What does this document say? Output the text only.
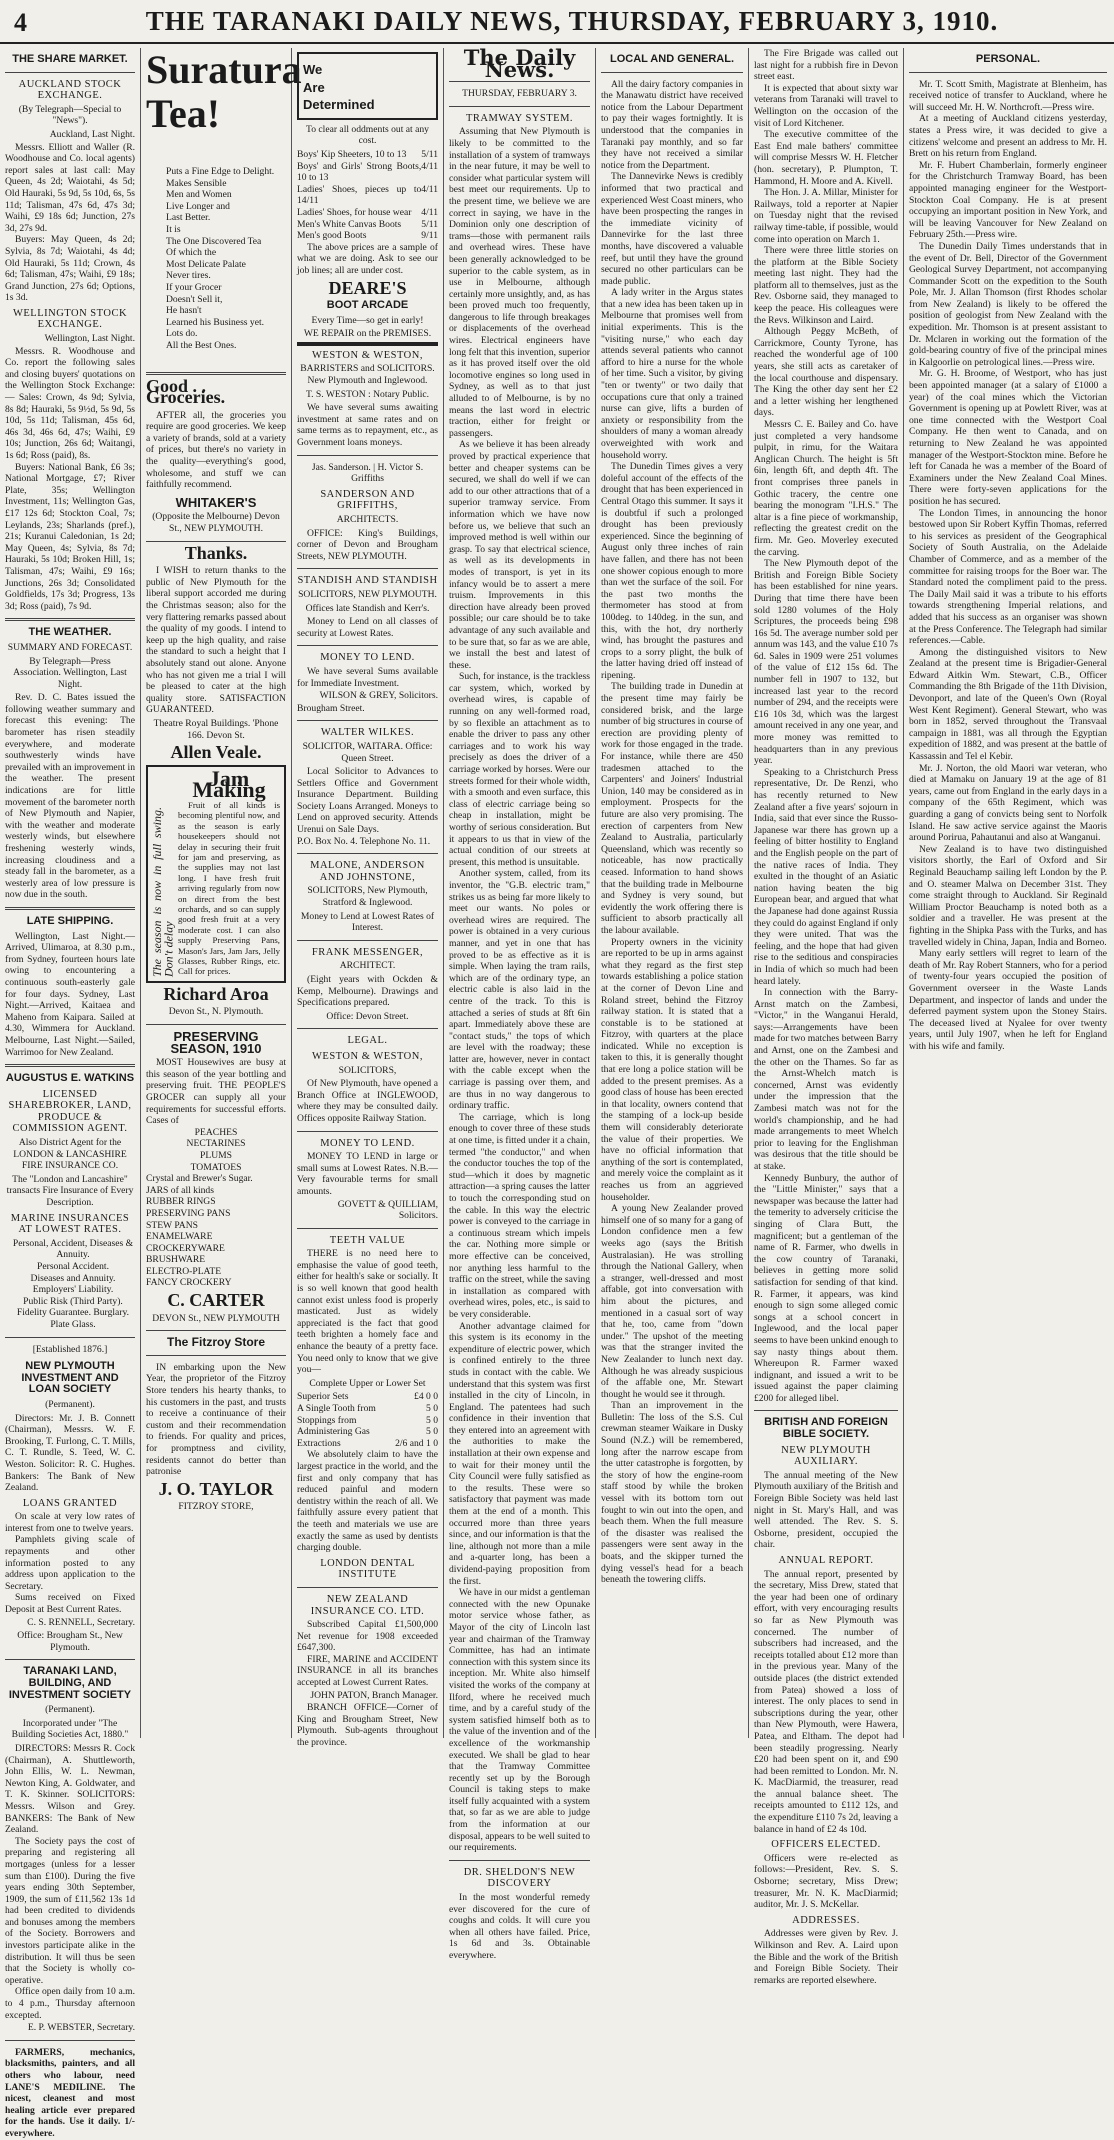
4	THE TARANAKI DAILY NEWS, THURSDAY, FEBRUARY 3, 1910.
THE SHARE MARKET.
AUCKLAND STOCK EXCHANGE.
(By Telegraph—Special to "News").
Auckland, Last Night.

Messrs. Elliott and Waller (R. Woodhouse and Co. local agents) report sales at last call: May Queen, 4s 2d; Waiotahi, 4s 5d; Old Hauraki, 5s 9d, 5s 10d, 6s, 5s 11d; Talisman, 47s 6d, 47s 3d; Waihi, £9 18s 6d; Junction, 27s 3d, 27s 9d.

Buyers: May Queen, 4s 2d; Sylvia, 8s 7d; Waiotahi, 4s 4d; Old Hauraki, 5s 11d; Crown, 4s 6d; Talisman, 47s; Waihi, £9 18s; Grand Junction, 27s 6d; Options, 1s 3d.

WELLINGTON STOCK EXCHANGE.
Wellington, Last Night.

Messrs. R. Woodhouse and Co. report the following sales and closing buyers' quotations on the Wellington Stock Exchange:— Sales: Crown, 4s 9d; Sylvia, 8s 8d; Hauraki, 5s 9½d, 5s 9d, 5s 10d, 5s 11d; Talisman, 45s 6d, 46s 3d, 46s 6d, 47s; Waihi, £9 10s; Junction, 26s 6d; Waitangi, 1s 6d; Ross (paid), 8s.

Buyers: National Bank, £6 3s; National Mortgage, £7; River Plate, 35s; Wellington Investment, 11s; Wellington Gas, £17 12s 6d; Stockton Coal, 7s; Leylands, 23s; Sharlands (pref.), 21s; Kuranui Caledonian, 1s 2d; May Queen, 4s; Sylvia, 8s 7d; Hauraki, 5s 10d; Broken Hill, 1s; Talisman, 47s; Waihi, £9 16s; Junctions, 26s 3d; Consolidated Goldfields, 17s 3d; Progress, 13s 3d; Ross (paid), 7s 9d.

THE WEATHER.
SUMMARY AND FORECAST.
By Telegraph—Press Association. Wellington, Last Night.

Rev. D. C. Bates issued the following weather summary and forecast this evening: The barometer has risen steadily everywhere, and moderate southwesterly winds have prevailed with an improvement in the weather. The present indications are for little movement of the barometer north of New Plymouth and Napier, with the weather and moderate westerly winds, but elsewhere freshening westerly winds, increasing cloudiness and a steady fall in the barometer, as a westerly area of low pressure is now due in the south.

LATE SHIPPING.

Wellington, Last Night.—Arrived, Ulimaroa, at 8.30 p.m., from Sydney, fourteen hours late owing to encountering a continuous south-easterly gale for four days. Sydney, Last Night.—Arrived, Kaitaea and Maheno from Kaipara. Sailed at 4.30, Wimmera for Auckland. Melbourne, Last Night.—Sailed, Warrimoo for New Zealand.

AUGUSTUS E. WATKINS
LICENSED SHAREBROKER, LAND, PRODUCE & COMMISSION AGENT.
Also District Agent for the LONDON & LANCASHIRE FIRE INSURANCE CO.
The "London and Lancashire" transacts Fire Insurance of Every Description.
MARINE INSURANCES AT LOWEST RATES.
Personal, Accident, Diseases & Annuity.
Personal Accident.
Diseases and Annuity.
Employers' Liability.
Public Risk (Third Party).
Fidelity Guarantee. Burglary.
Plate Glass.
[Established 1876.]
NEW PLYMOUTH INVESTMENT AND LOAN SOCIETY
(Permanent).

Directors: Mr. J. B. Connett (Chairman), Messrs. W. F. Brooking, T. Furlong, C. T. Mills, C. T. Rundle, S. Teed, W. C. Weston. Solicitor: R. C. Hughes. Bankers: The Bank of New Zealand.

LOANS GRANTED

On scale at very low rates of interest from one to twelve years.

Pamphlets giving scale of repayments and other information posted to any address upon application to the Secretary.

Sums received on Fixed Deposit at Best Current Rates.

C. S. RENNELL, Secretary.
Office: Brougham St., New Plymouth.
TARANAKI LAND, BUILDING, AND INVESTMENT SOCIETY
(Permanent).
Incorporated under "The Building Societies Act, 1880."

DIRECTORS: Messrs R. Cock (Chairman), A. Shuttleworth, John Ellis, W. L. Newman, Newton King, A. Goldwater, and T. K. Skinner. SOLICITORS: Messrs. Wilson and Grey. BANKERS: The Bank of New Zealand.

The Society pays the cost of preparing and registering all mortgages (unless for a lesser sum than £100). During the five years ending 30th September, 1909, the sum of £11,562 13s 1d had been credited to dividends and bonuses among the members of the Society. Borrowers and investors participate alike in the distribution. It will thus be seen that the Society is wholly co-operative.

Office open daily from 10 a.m. to 4 p.m., Thursday afternoon excepted.

E. P. WEBSTER, Secretary.

FARMERS, mechanics, blacksmiths, painters, and all others who labour, need LANE'S MEDILINE. The nicest, cleanest and most healing article ever prepared for the hands. Use it daily. 1/- everywhere.

Suratura
Tea!
Puts a Fine Edge to Delight.
Makes Sensible
Men and Women
Live Longer and
Last Better.
It is
The One Discovered Tea
Of which the
Most Delicate Palate
Never tires.
If your Grocer
Doesn't Sell it,
He hasn't
Learned his Business yet.
Lots do.
All the Best Ones.
Good . . Groceries.

AFTER all, the groceries you require are good groceries. We keep a variety of brands, sold at a variety of prices, but there's no variety in the quality—everything's good, wholesome, and stuff we can faithfully recommend.

WHITAKER'S
(Opposite the Melbourne) Devon St., NEW PLYMOUTH.
Thanks.

I WISH to return thanks to the public of New Plymouth for the liberal support accorded me during the Christmas season; also for the very flattering remarks passed about the quality of my goods. I intend to keep up the high quality, and raise the standard to such a height that I absolutely stand out alone. Anyone who has not given me a trial I will be pleased to cater at the high quality store. SATISFACTION GUARANTEED.

Theatre Royal Buildings. 'Phone 166. Devon St.
Allen Veale.
Jam Making
The season is now in full swing. Don't delay

Fruit of all kinds is becoming plentiful now, and as the season is early housekeepers should not delay in securing their fruit for jam and preserving, as the supplies may not last long. I have fresh fruit arriving regularly from now on direct from the best orchards, and so can supply good fresh fruit at a very moderate cost. I can also supply Preserving Pans, Mason's Jars, Jam Jars, Jelly Glasses, Rubber Rings, etc. Call for prices.

Richard Aroa
Devon St., N. Plymouth.
PRESERVING SEASON, 1910

MOST Housewives are busy at this season of the year bottling and preserving fruit. THE PEOPLE'S GROCER can supply all your requirements for successful efforts. Cases of

PEACHES
NECTARINES
PLUMS
TOMATOES
Crystal and Brewer's Sugar.
JARS of all kinds
RUBBER RINGS
PRESERVING PANS
STEW PANS
ENAMELWARE
CROCKERYWARE
BRUSHWARE
ELECTRO-PLATE
FANCY CROCKERY
C. CARTER
DEVON St., NEW PLYMOUTH
The Fitzroy Store

IN embarking upon the New Year, the proprietor of the Fitzroy Store tenders his hearty thanks, to his customers in the past, and trusts to receive a continuance of their custom and their recommendation to friends. For quality and prices, for promptness and civility, residents cannot do better than patronise

J. O. TAYLOR
FITZROY STORE,
We
Are
Determined
To clear all oddments out at any cost.
Boys' Kip Sheeters, 10 to 13 5/11
Boys' and Girls' Strong Boots, 10 to 13
4/11
Ladies' Shoes, pieces up to 14/11
4/11
Ladies' Shoes, for house wear 4/11
Men's White Canvas Boots 5/11
Men's good Boots	9/11

The above prices are a sample of what we are doing. Ask to see our job lines; all are under cost.

DEARE'S
BOOT ARCADE
Every Time—so get in early!
WE REPAIR on the PREMISES.
WESTON & WESTON,
BARRISTERS and SOLICITORS. New Plymouth and Inglewood.
T. S. WESTON : Notary Public.

We have several sums awaiting investment at same rates and on same terms as to repayment, etc., as Government loans moneys.

Jas. Sanderson. | H. Victor S. Griffiths
SANDERSON AND GRIFFITHS,
ARCHITECTS.

OFFICE: King's Buildings, corner of Devon and Brougham Streets, NEW PLYMOUTH.

STANDISH AND STANDISH
SOLICITORS, NEW PLYMOUTH.
Offices late Standish and Kerr's.

Money to Lend on all classes of security at Lowest Rates.

MONEY TO LEND.

We have several Sums available for Immediate Investment.

WILSON & GREY, Solicitors.
Brougham Street.
WALTER WILKES.
SOLICITOR, WAITARA. Office: Queen Street.

Local Solicitor to Advances to Settlers Office and Government Insurance Department. Building Society Loans Arranged. Moneys to Lend on approved security. Attends Urenui on Sale Days.

P.O. Box No. 4. Telephone No. 11.
MALONE, ANDERSON AND JOHNSTONE,
SOLICITORS, New Plymouth, Stratford & Inglewood.
Money to Lend at Lowest Rates of Interest.
FRANK MESSENGER,
ARCHITECT.

(Eight years with Ockden & Kemp, Melbourne). Drawings and Specifications prepared.

Office: Devon Street.
LEGAL.
WESTON & WESTON,
SOLICITORS,

Of New Plymouth, have opened a Branch Office at INGLEWOOD, where they may be consulted daily. Offices opposite Railway Station.

MONEY TO LEND.

MONEY TO LEND in large or small sums at Lowest Rates. N.B.—Very favourable terms for small amounts.

GOVETT & QUILLIAM, Solicitors.
TEETH VALUE

THERE is no need here to emphasise the value of good teeth, either for health's sake or socially. It is so well known that good health cannot exist unless food is properly masticated. Just as widely appreciated is the fact that good teeth brighten a homely face and enhance the beauty of a pretty face. You need only to know that we give you—

Complete Upper or Lower Set
Superior Sets	£4 0 0
A Single Tooth from	5 0
Stoppings from	5 0
Administering Gas	5 0
Extractions	2/6 and 1 0

We absolutely claim to have the largest practice in the world, and the first and only company that has reduced painful and modern dentistry within the reach of all. We faithfully assure every patient that the teeth and materials we use are exactly the same as used by dentists charging double.

LONDON DENTAL INSTITUTE
NEW ZEALAND INSURANCE CO. LTD.

Subscribed Capital £1,500,000 Net revenue for 1908 exceeded £647,300.

FIRE, MARINE and ACCIDENT INSURANCE in all its branches accepted at Lowest Current Rates.

JOHN PATON, Branch Manager.

BRANCH OFFICE—Corner of King and Brougham Street, New Plymouth. Sub-agents throughout the province.

The Daily News.
THURSDAY, FEBRUARY 3.
TRAMWAY SYSTEM.

Assuming that New Plymouth is likely to be committed to the installation of a system of tramways in the near future, it may be well to consider what particular system will best meet our requirements. Up to the present time, we believe we are correct in saying, we have in the Dominion only one description of trams—those with permanent rails and overhead wires. These have been generally acknowledged to be superior to the cable system, as in use in Melbourne, although certainly more unsightly, and, as has been proved much too frequently, dangerous to life through breakages or displacements of the overhead wires. Electrical engineers have long felt that this invention, superior as it has proved itself over the old locomotive engines so long used in Sydney, as well as to that just alluded to of Melbourne, is by no means the last word in electric traction, either for freight or passengers.

As we believe it has been already proved by practical experience that better and cheaper systems can be secured, we shall do well if we can add to our other attractions that of a superior tramway service. From information which we have now before us, we believe that such an improved method is well within our grasp. To say that electrical science, as well as its developments in modes of transport, is yet in its infancy would be to assert a mere truism. Improvements in this direction have already been proved possible; our care should be to take advantage of any such available and to be sure that, so far as we are able, we install the best and latest of these.

Such, for instance, is the trackless car system, which, worked by overhead wires, is capable of running on any well-formed road, by so flexible an attachment as to enable the driver to pass any other carriages and to work his way precisely as does the driver of a carriage worked by horses. Were our streets formed for their whole width, with a smooth and even surface, this class of electric carriage being so cheap in installation, might be worthy of serious consideration. But it appears to us that in view of the actual condition of our streets at present, this method is unsuitable.

Another system, called, from its inventor, the "G.B. electric tram," strikes us as being far more likely to meet our wants. No poles or overhead wires are required. The power is obtained in a very curious manner, and yet in one that has proved to be as effective as it is simple. When laying the tram rails, which are of the ordinary type, an electric cable is also laid in the centre of the track. To this is attached a series of studs at 8ft 6in apart. Immediately above these are "contact studs," the tops of which are level with the roadway; these latter are, however, never in contact with the cable except when the carriage is passing over them, and are thus in no way dangerous to ordinary traffic.

The carriage, which is long enough to cover three of these studs at one time, is fitted under it a chain, termed "the conductor," and when the conductor touches the top of the stud—which it does by magnetic attraction—a spring causes the latter to touch the corresponding stud on the cable. In this way the electric power is conveyed to the carriage in a continuous stream which impels the car. Nothing more simple or more effective can be conceived, nor anything less harmful to the traffic on the street, while the saving in installation as compared with overhead wires, poles, etc., is said to be very considerable.

Another advantage claimed for this system is its economy in the expenditure of electric power, which is confined entirely to the three studs in contact with the cable. We understand that this system was first installed in the city of Lincoln, in England. The patentees had such confidence in their invention that they entered into an agreement with the authorities to make the installation at their own expense and to wait for their money until the City Council were fully satisfied as to the results. These were so satisfactory that payment was made them at the end of a month. This occurred more than three years since, and our information is that the line, although not more than a mile and a-quarter long, has been a dividend-paying proposition from the first.

We have in our midst a gentleman connected with the new Opunake motor service whose father, as Mayor of the city of Lincoln last year and chairman of the Tramway Committee, has had an intimate connection with this system since its inception. Mr. White also himself visited the works of the company at Ilford, where he received much time, and by a careful study of the system satisfied himself both as to the value of the invention and of the excellence of the workmanship executed. We shall be glad to hear that the Tramway Committee recently set up by the Borough Council is taking steps to make itself fully acquainted with a system that, so far as we are able to judge from the information at our disposal, appears to be well suited to our requirements.

DR. SHELDON'S NEW DISCOVERY

In the most wonderful remedy ever discovered for the cure of coughs and colds. It will cure you when all others have failed. Price, 1s 6d and 3s. Obtainable everywhere.

LOCAL AND GENERAL.

All the dairy factory companies in the Manawatu district have received notice from the Labour Department to pay their wages fortnightly. It is understood that the companies in Taranaki pay monthly, and so far they have not received a similar notice from the Department.

The Dannevirke News is credibly informed that two practical and experienced West Coast miners, who have been prospecting the ranges in the immediate vicinity of Dannevirke for the last three months, have discovered a valuable reef, but until they have the ground secured no other particulars can be made public.

A lady writer in the Argus states that a new idea has been taken up in Melbourne that promises well from initial experiments. This is the "visiting nurse," who each day attends several patients who cannot afford to hire a nurse for the whole of her time. Such a visitor, by giving "ten or twenty" or two daily that occupations cure that only a trained nurse can give, lifts a burden of anxiety or responsibility from the shoulders of many a woman already overweighted with work and household worry.

The Dunedin Times gives a very doleful account of the effects of the drought that has been experienced in Central Otago this summer. It says it is doubtful if such a prolonged drought has been previously experienced. Since the beginning of August only three inches of rain have fallen, and there has not been one shower copious enough to more than wet the surface of the soil. For the past two months the thermometer has stood at from 100deg. to 140deg. in the sun, and this, with the hot, dry northerly wind, has brought the pastures and crops to a sorry plight, the bulk of the latter having dried off instead of ripening.

The building trade in Dunedin at the present time may fairly be considered brisk, and the large number of big structures in course of erection are providing plenty of work for those engaged in the trade. For instance, while there are 450 tradesmen attached to the Carpenters' and Joiners' Industrial Union, 140 may be considered as in employment. Prospects for the future are also very promising. The erection of carpenters from New Zealand to Australia, particularly Queensland, which was recently so noticeable, has now practically ceased. Information to hand shows that the building trade in Melbourne and Sydney is very sound, but evidently the work offering there is sufficient to absorb practically all the labour available.

Property owners in the vicinity are reported to be up in arms against what they regard as the first step towards establishing a police station at the corner of Devon Line and Roland street, behind the Fitzroy railway station. It is stated that a constable is to be stationed at Fitzroy, with quarters at the place indicated. While no exception is taken to this, it is generally thought that ere long a police station will be added to the present premises. As a good class of house has been erected in that locality, owners contend that the stamping of a lock-up beside them will considerably deteriorate the value of their properties. We have no official information that anything of the sort is contemplated, and merely voice the complaint as it reaches us from an aggrieved householder.

A young New Zealander proved himself one of so many for a gang of London confidence men a few weeks ago (says the British Australasian). He was strolling through the National Gallery, when a stranger, well-dressed and most affable, got into conversation with him about the pictures, and mentioned in a casual sort of way that he, too, came from "down under." The upshot of the meeting was that the stranger invited the New Zealander to lunch next day. Although he was already suspicious of the affable one, Mr. Stewart thought he would see it through.

Than an improvement in the Bulletin: The loss of the S.S. Cul crewman steamer Waikare in Dusky Sound (N.Z.) will be remembered, long after the narrow escape from the utter catastrophe is forgotten, by the story of how the engine-room staff stood by while the broken vessel with its bottom torn out fought to win out into the open, and beach them. When the full measure of the disaster was realised the passengers were sent away in the boats, and the skipper turned the dying vessel's head for a beach beneath the towering cliffs.

The Fire Brigade was called out last night for a rubbish fire in Devon street east.

It is expected that about sixty war veterans from Taranaki will travel to Wellington on the occasion of the visit of Lord Kitchener.

The executive committee of the East End male bathers' committee will comprise Messrs W. H. Fletcher (hon. secretary), P. Plumpton, T. Hammond, H. Moore and A. Kivell.

The Hon. J. A. Millar, Minister for Railways, told a reporter at Napier on Tuesday night that the revised railway time-table, if possible, would come into operation on March 1.

There were three little stories on the platform at the Bible Society meeting last night. They had the platform all to themselves, just as the Rev. Osborne said, they managed to keep the peace. His colleagues were the Revs. Wilkinson and Laird.

Although Peggy McBeth, of Carrickmore, County Tyrone, has reached the wonderful age of 100 years, she still acts as caretaker of the local courthouse and dispensary. The King the other day sent her £2 and a letter wishing her lengthened days.

Messrs C. E. Bailey and Co. have just completed a very handsome pulpit, in rimu, for the Waitara Anglican Church. The height is 5ft 6in, length 6ft, and depth 4ft. The front comprises three panels in Gothic tracery, the centre one bearing the monogram "I.H.S." The altar is a fine piece of workmanship, reflecting the greatest credit on the firm. Mr. Geo. Moverley executed the carving.

The New Plymouth depot of the British and Foreign Bible Society has been established for nine years. During that time there have been sold 1280 volumes of the Holy Scriptures, the proceeds being £98 16s 5d. The average number sold per annum was 143, and the value £10 7s 6d. Sales in 1909 were 251 volumes of the value of £12 15s 6d. The number fell in 1907 to 132, but increased last year to the record number of 294, and the receipts were £16 10s 3d, which was the largest amount received in any one year, and more money was remitted to headquarters than in any previous year.

Speaking to a Christchurch Press representative, Dr. De Renzi, who has recently returned to New Zealand after a five years' sojourn in India, said that ever since the Russo-Japanese war there has grown up a feeling of bitter hostility to England and the English people on the part of the native races of India. They exulted in the thought of an Asiatic nation having beaten the big European bear, and argued that what the Japanese had done against Russia they could do against England if only they were united. That was the feeling, and the hope that had given rise to the seditious and conspiracies in India of which so much had been heard lately.

In connection with the Barry-Arnst match on the Zambesi, "Victor," in the Wanganui Herald, says:—Arrangements have been made for two matches between Barry and Arnst, one on the Zambesi and the other on the Thames. So far as the Arnst-Whelch match is concerned, Arnst was evidently under the impression that the Zambesi match was not for the world's championship, and he had made arrangements to meet Whelch prior to leaving for the Englishman was desirous that the title should be at stake.

Kennedy Bunbury, the author of the "Little Minister," says that a newspaper was because the latter had the temerity to adversely criticise the singing of Clara Butt, the magnificent; but a gentleman of the name of R. Farmer, who dwells in the cow country of Taranaki, believes in getting more solid satisfaction for sending of that kind. R. Farmer, it appears, was kind enough to sign some alleged comic songs at a school concert in Inglewood, and the local paper seems to have been unkind enough to say nasty things about them. Whereupon R. Farmer waxed indignant, and issued a writ to be issued against the paper claiming £200 for alleged libel.

BRITISH AND FOREIGN BIBLE SOCIETY.
NEW PLYMOUTH AUXILIARY.

The annual meeting of the New Plymouth auxiliary of the British and Foreign Bible Society was held last night in St. Mary's Hall, and was well attended. The Rev. S. S. Osborne, president, occupied the chair.

ANNUAL REPORT.

The annual report, presented by the secretary, Miss Drew, stated that the year had been one of ordinary effort, with very encouraging results so far as New Plymouth was concerned. The number of subscribers had increased, and the receipts totalled about £12 more than in the previous year. Many of the outside places (the district extended from Patea) showed a loss of interest. The only places to send in subscriptions during the year, other than New Plymouth, were Hawera, Patea, and Eltham. The depot had been steadily progressing. Nearly £20 had been spent on it, and £90 had been remitted to London. Mr. N. K. MacDiarmid, the treasurer, read the annual balance sheet. The receipts amounted to £112 12s, and the expenditure £110 7s 2d, leaving a balance in hand of £2 4s 10d.

OFFICERS ELECTED.

Officers were re-elected as follows:—President, Rev. S. S. Osborne; secretary, Miss Drew; treasurer, Mr. N. K. MacDiarmid; auditor, Mr. J. S. McKellar.

ADDRESSES.

Addresses were given by Rev. J. Wilkinson and Rev. A. Laird upon the Bible and the work of the British and Foreign Bible Society. Their remarks are reported elsewhere.

PERSONAL.

Mr. T. Scott Smith, Magistrate at Blenheim, has received notice of transfer to Auckland, where he will succeed Mr. H. W. Northcroft.—Press wire.

At a meeting of Auckland citizens yesterday, states a Press wire, it was decided to give a citizens' welcome and present an address to Mr. H. Brett on his return from England.

Mr. F. Hubert Chamberlain, formerly engineer for the Christchurch Tramway Board, has been appointed managing engineer for the Westport-Stockton Coal Company. He is at present occupying an important position in New York, and will be leaving Vancouver for New Zealand on February 25th.—Press wire.

The Dunedin Daily Times understands that in the event of Dr. Bell, Director of the Government Geological Survey Department, not accompanying Commander Scott on the expedition to the South Pole, Mr. J. Allan Thomson (first Rhodes scholar from New Zealand) is likely to be offered the position of geologist from New Zealand with the expedition. Mr. Thomson is at present assistant to Dr. Mclaren in working out the formation of the gold-bearing country of five of the principal mines in Kalgoorlie on petrological lines.—Press wire.

Mr. G. H. Broome, of Westport, who has just been appointed manager (at a salary of £1000 a year) of the coal mines which the Victorian Government is opening up at Powlett River, was at one time connected with the Westport Coal Company. He then went to Canada, and on returning to New Zealand he was appointed manager of the Westport-Stockton mine. Before he left for Canada he was a member of the Board of Examiners under the New Zealand Coal Mines. There were forty-seven applications for the position he has secured.

The London Times, in announcing the honor bestowed upon Sir Robert Kyffin Thomas, referred to his services as president of the Geographical Society of South Australia, on the Adelaide Chamber of Commerce, and as a member of the committee for raising troops for the Boer war. The Standard noted the compliment paid to the press. The Daily Mail said it was a tribute to his efforts towards strengthening Imperial relations, and added that his success as an organiser was shown at the Press Conference. The Telegraph had similar references.—Cable.

Among the distinguished visitors to New Zealand at the present time is Brigadier-General Edward Aitkin Wm. Stewart, C.B., Officer Commanding the 8th Brigade of the 11th Division, Devonport, and late of the Queen's Own (Royal West Kent Regiment). General Stewart, who was born in 1852, served throughout the Transvaal campaign in 1881, was all through the Egyptian expedition of 1882, and was present at the battle of Kassassin and Tel el Kebir.

Mr. J. Norton, the old Maori war veteran, who died at Mamaku on January 19 at the age of 81 years, came out from England in the early days in a company of the 65th Regiment, which was guarding a gang of convicts being sent to Norfolk Island. He saw active service against the Maoris around Porirua, Pahautanui and also at Wanganui.

New Zealand is to have two distinguished visitors shortly, the Earl of Oxford and Sir Reginald Beauchamp sailing left London by the P. and O. steamer Malwa on December 31st. They come straight through to Auckland. Sir Reginald William Proctor Beauchamp is noted both as a soldier and a traveller. He was present at the fighting in the Shipka Pass with the Turks, and has travelled widely in China, Japan, India and Borneo.

Many early settlers will regret to learn of the death of Mr. Ray Robert Stanners, who for a period of twenty-four years occupied the position of Government overseer in the Waste Lands Department, and inspector of lands and under the deferred payment system upon the Stoney Stairs. The deceased lived at Nyalee for over twenty years, until July 1907, when he left for England with his wife and family.
